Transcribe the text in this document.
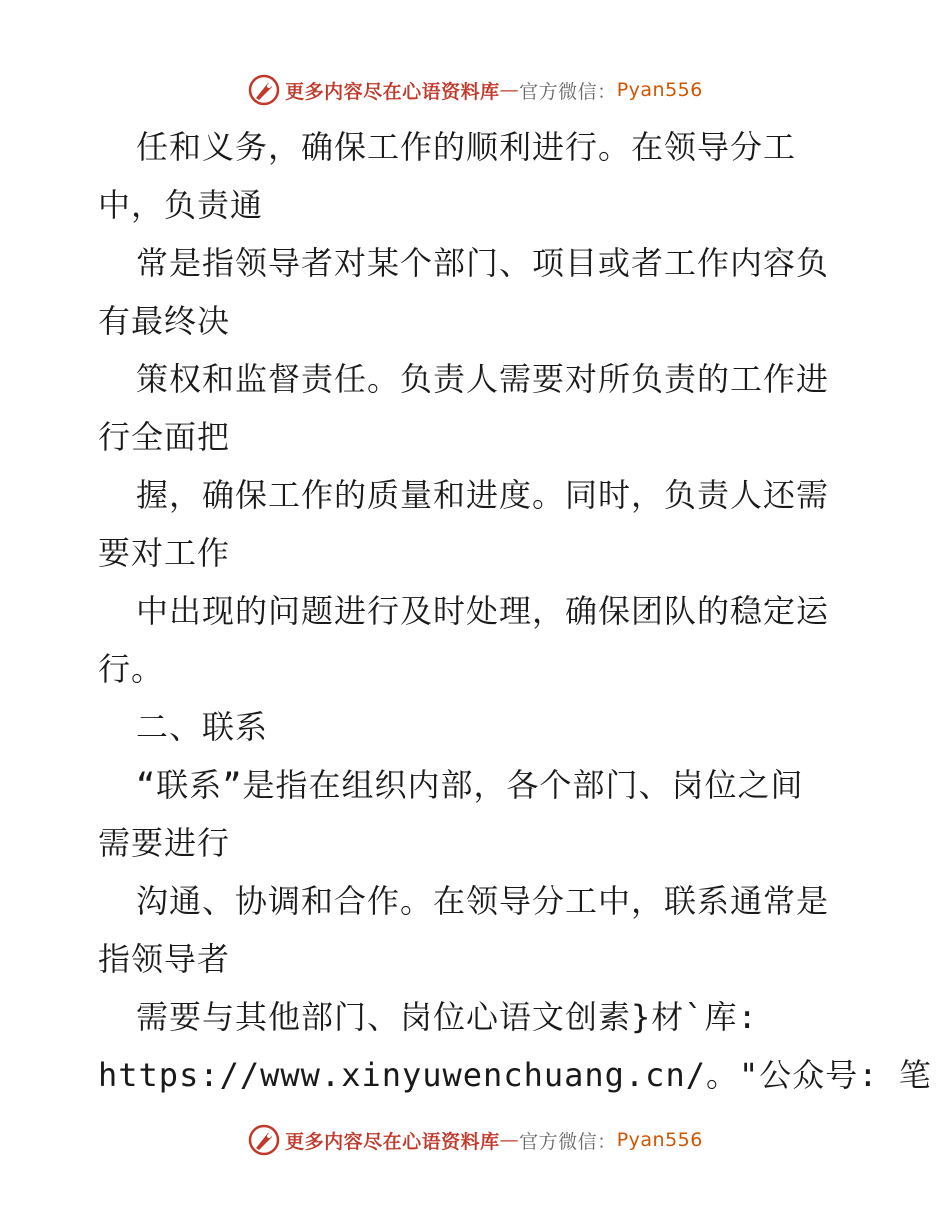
更多内容尽在心语资料库 — 官方微信： Pyan556
任和义务，确保工作的顺利进行。在领导分工
中，负责通
常是指领导者对某个部门、项目或者工作内容负
有最终决
策权和监督责任。负责人需要对所负责的工作进
行全面把
握，确保工作的质量和进度。同时，负责人还需
要对工作
中出现的问题进行及时处理，确保团队的稳定运
行。
二、联系
“联系”是指在组织内部，各个部门、岗位之间
需要进行
沟通、协调和合作。在领导分工中，联系通常是
指领导者
需要与其他部门、岗位心语文创素}材`库:
https://www.xinyuwenchuang.cn/。"公众号: 笔
更多内容尽在心语资料库 — 官方微信： Pyan556
